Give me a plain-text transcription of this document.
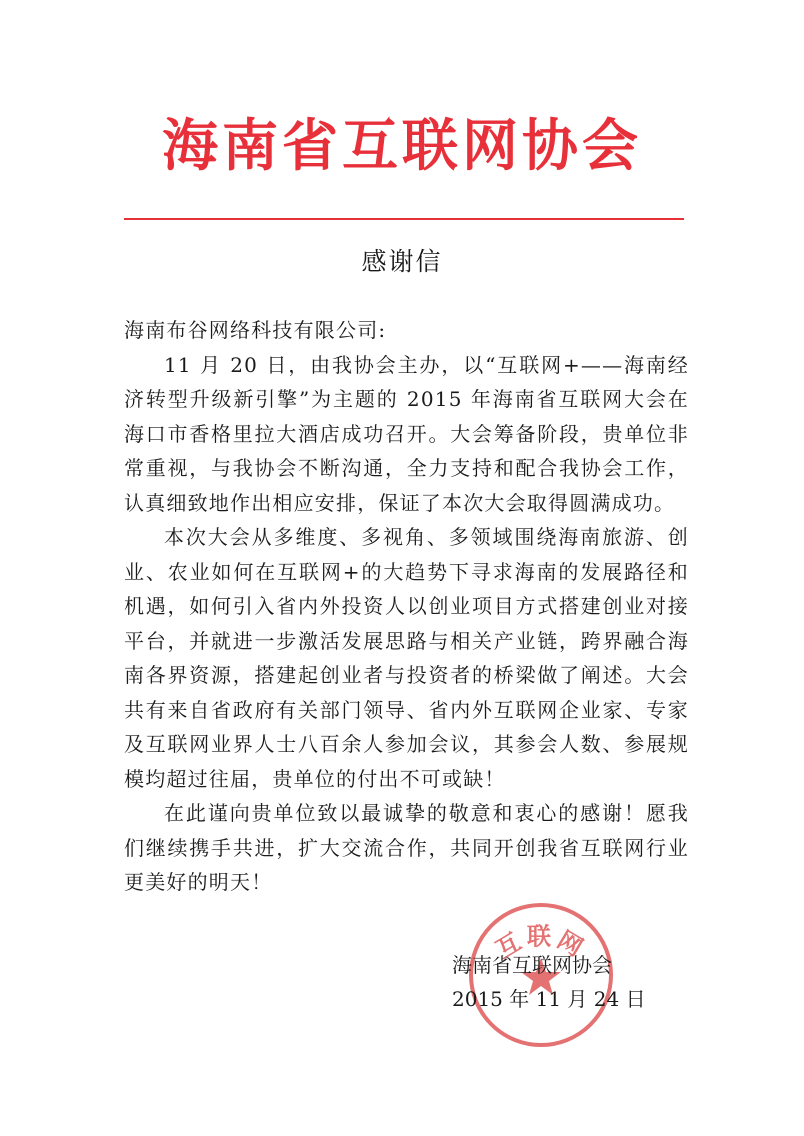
海南省互联网协会
感谢信

海南布谷网络科技有限公司:

11 月 20 日，由我协会主办，以“互联网+——海南经济转型升级新引擎”为主题的 2015 年海南省互联网大会在海口市香格里拉大酒店成功召开。大会筹备阶段，贵单位非常重视，与我协会不断沟通，全力支持和配合我协会工作，认真细致地作出相应安排，保证了本次大会取得圆满成功。

本次大会从多维度、多视角、多领域围绕海南旅游、创业、农业如何在互联网+的大趋势下寻求海南的发展路径和机遇，如何引入省内外投资人以创业项目方式搭建创业对接平台，并就进一步激活发展思路与相关产业链，跨界融合海南各界资源，搭建起创业者与投资者的桥梁做了阐述。大会共有来自省政府有关部门领导、省内外互联网企业家、专家及互联网业界人士八百余人参加会议，其参会人数、参展规模均超过往届，贵单位的付出不可或缺！

在此谨向贵单位致以最诚挚的敬意和衷心的感谢！愿我们继续携手共进，扩大交流合作，共同开创我省互联网行业更美好的明天！

互联网
海南省互联网协会
2015 年 11 月 24 日
